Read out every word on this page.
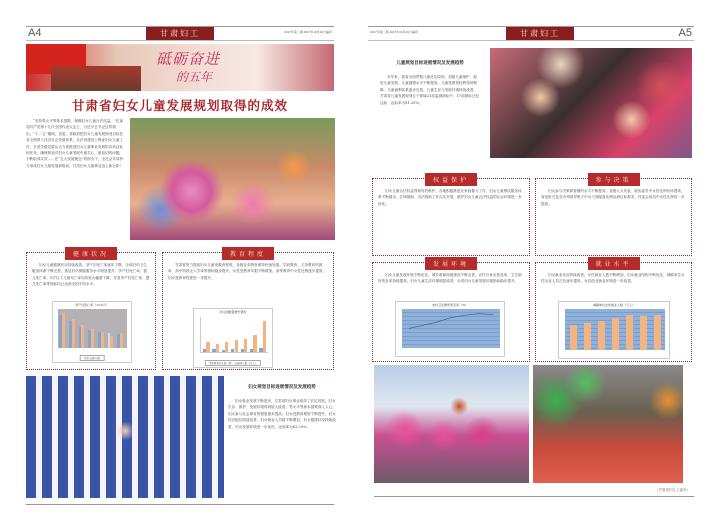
A4	甘肃妇工	2017年第二期 2017年10月20日编印
砥砺奋进
的五年
甘肃省妇女儿童发展规划取得的成效
“坚持男女平等基本国策，保障妇女儿童合法权益。”在谋划共产党第十九次全国代表大会上，习近平总书记这样指出。“十二五”期间，省委、省政府把妇女儿童发展规划目标任务全面纳入经济社会发展体系，从法治建设上保证妇女儿童工作，全省各级党政从大力度推进妇女儿童事业发展的各项目标和任务，确保规划对妇女儿童发展中最关心、最迫切的问题，不断取得实效……在“五大发展理念”的指引下，全社会共同努力形成妇女儿童发展新格局，甘肃妇女儿童事业迈上新台阶！
健康状况
妇女儿童健康状况持续改善。孕产妇死亡率逐年下降，全省妇幼卫生服务体系不断完善，基层妇幼保健服务水平明显提升。孕产妇死亡率、婴儿死亡率、5岁以下儿童死亡率均有较大幅度下降，甘肃孕产妇死亡率、婴儿死亡率等指标均已达到全国平均水平。
孕产妇死亡率（1/10万）
甘肃 全国 目标
教育程度
甘肃省努力提高妇女儿童受教育程度，各级各类教育保持快速发展。学前教育、义务教育巩固率、高中阶段毛入学率等指标稳步提升。女性受教育年限不断增加，高等教育中女性比例逐步提高，妇女受教育程度进一步提升。
幼儿园数量增长情况
学前教育幼儿园（所） 在园幼儿数（万人）
妇女规划目标进展情况及发展趋势
妇女事业发展不断进步，甘肃省妇女事业取得了长足进展。妇女生存、保护、发展环境得到较大改善，男女平等基本国策深入人心，妇女参与社会事务的程度逐步提高。妇女受教育程度不断提升，妇女经济地位明显改善，妇女就业人员数不断增加，妇女健康状况持续改善，妇女发展环境进一步优化，达到率为81.20%。
2017年第二期 2017年10月20日编印	甘肃妇工	A5
儿童规划目标进展情况及发展趋势
多年来，我省全面贯彻儿童优先原则，加强儿童保护，促进儿童发展。儿童健康水平不断提高，儿童受教育权利得到保障，儿童福利体系逐步完善，儿童生存与发展环境持续改善。甘肃省儿童发展规划五个领域21项监测指标中，17项指标已经达标，达标率为81.25%。
权益保护
妇女儿童合法权益得到有效维护。各地积极推进反家庭暴力工作，妇女儿童维权服务体系不断健全，法律援助、司法救助工作扎实开展，维护妇女儿童合法权益的社会环境进一步优化。
参与决策
妇女参与决策和管理的水平不断提高。各级人大代表、政协委员中女性比例有所提高，省直机关及各市州领导班子中女干部配备比例达到目标要求，村委会成员中女性比例进一步提高。
发展环境
妇女儿童发展环境不断优化。城乡基础设施建设不断完善，农村自来水普及率、卫生厕所普及率持续提高，妇女儿童生活环境明显改善，全省妇女儿童发展环境指标稳步提升。
农村卫生厕所普及率（%）
就业水平
妇女就业状况持续改善。女性就业人数不断增加，妇女就业结构不断优化，城镇单位女性从业人员占比逐步提高，女性创业就业环境进一步改善。
城镇单位女性就业人数（万人）
（甘肃省妇儿工委办）
